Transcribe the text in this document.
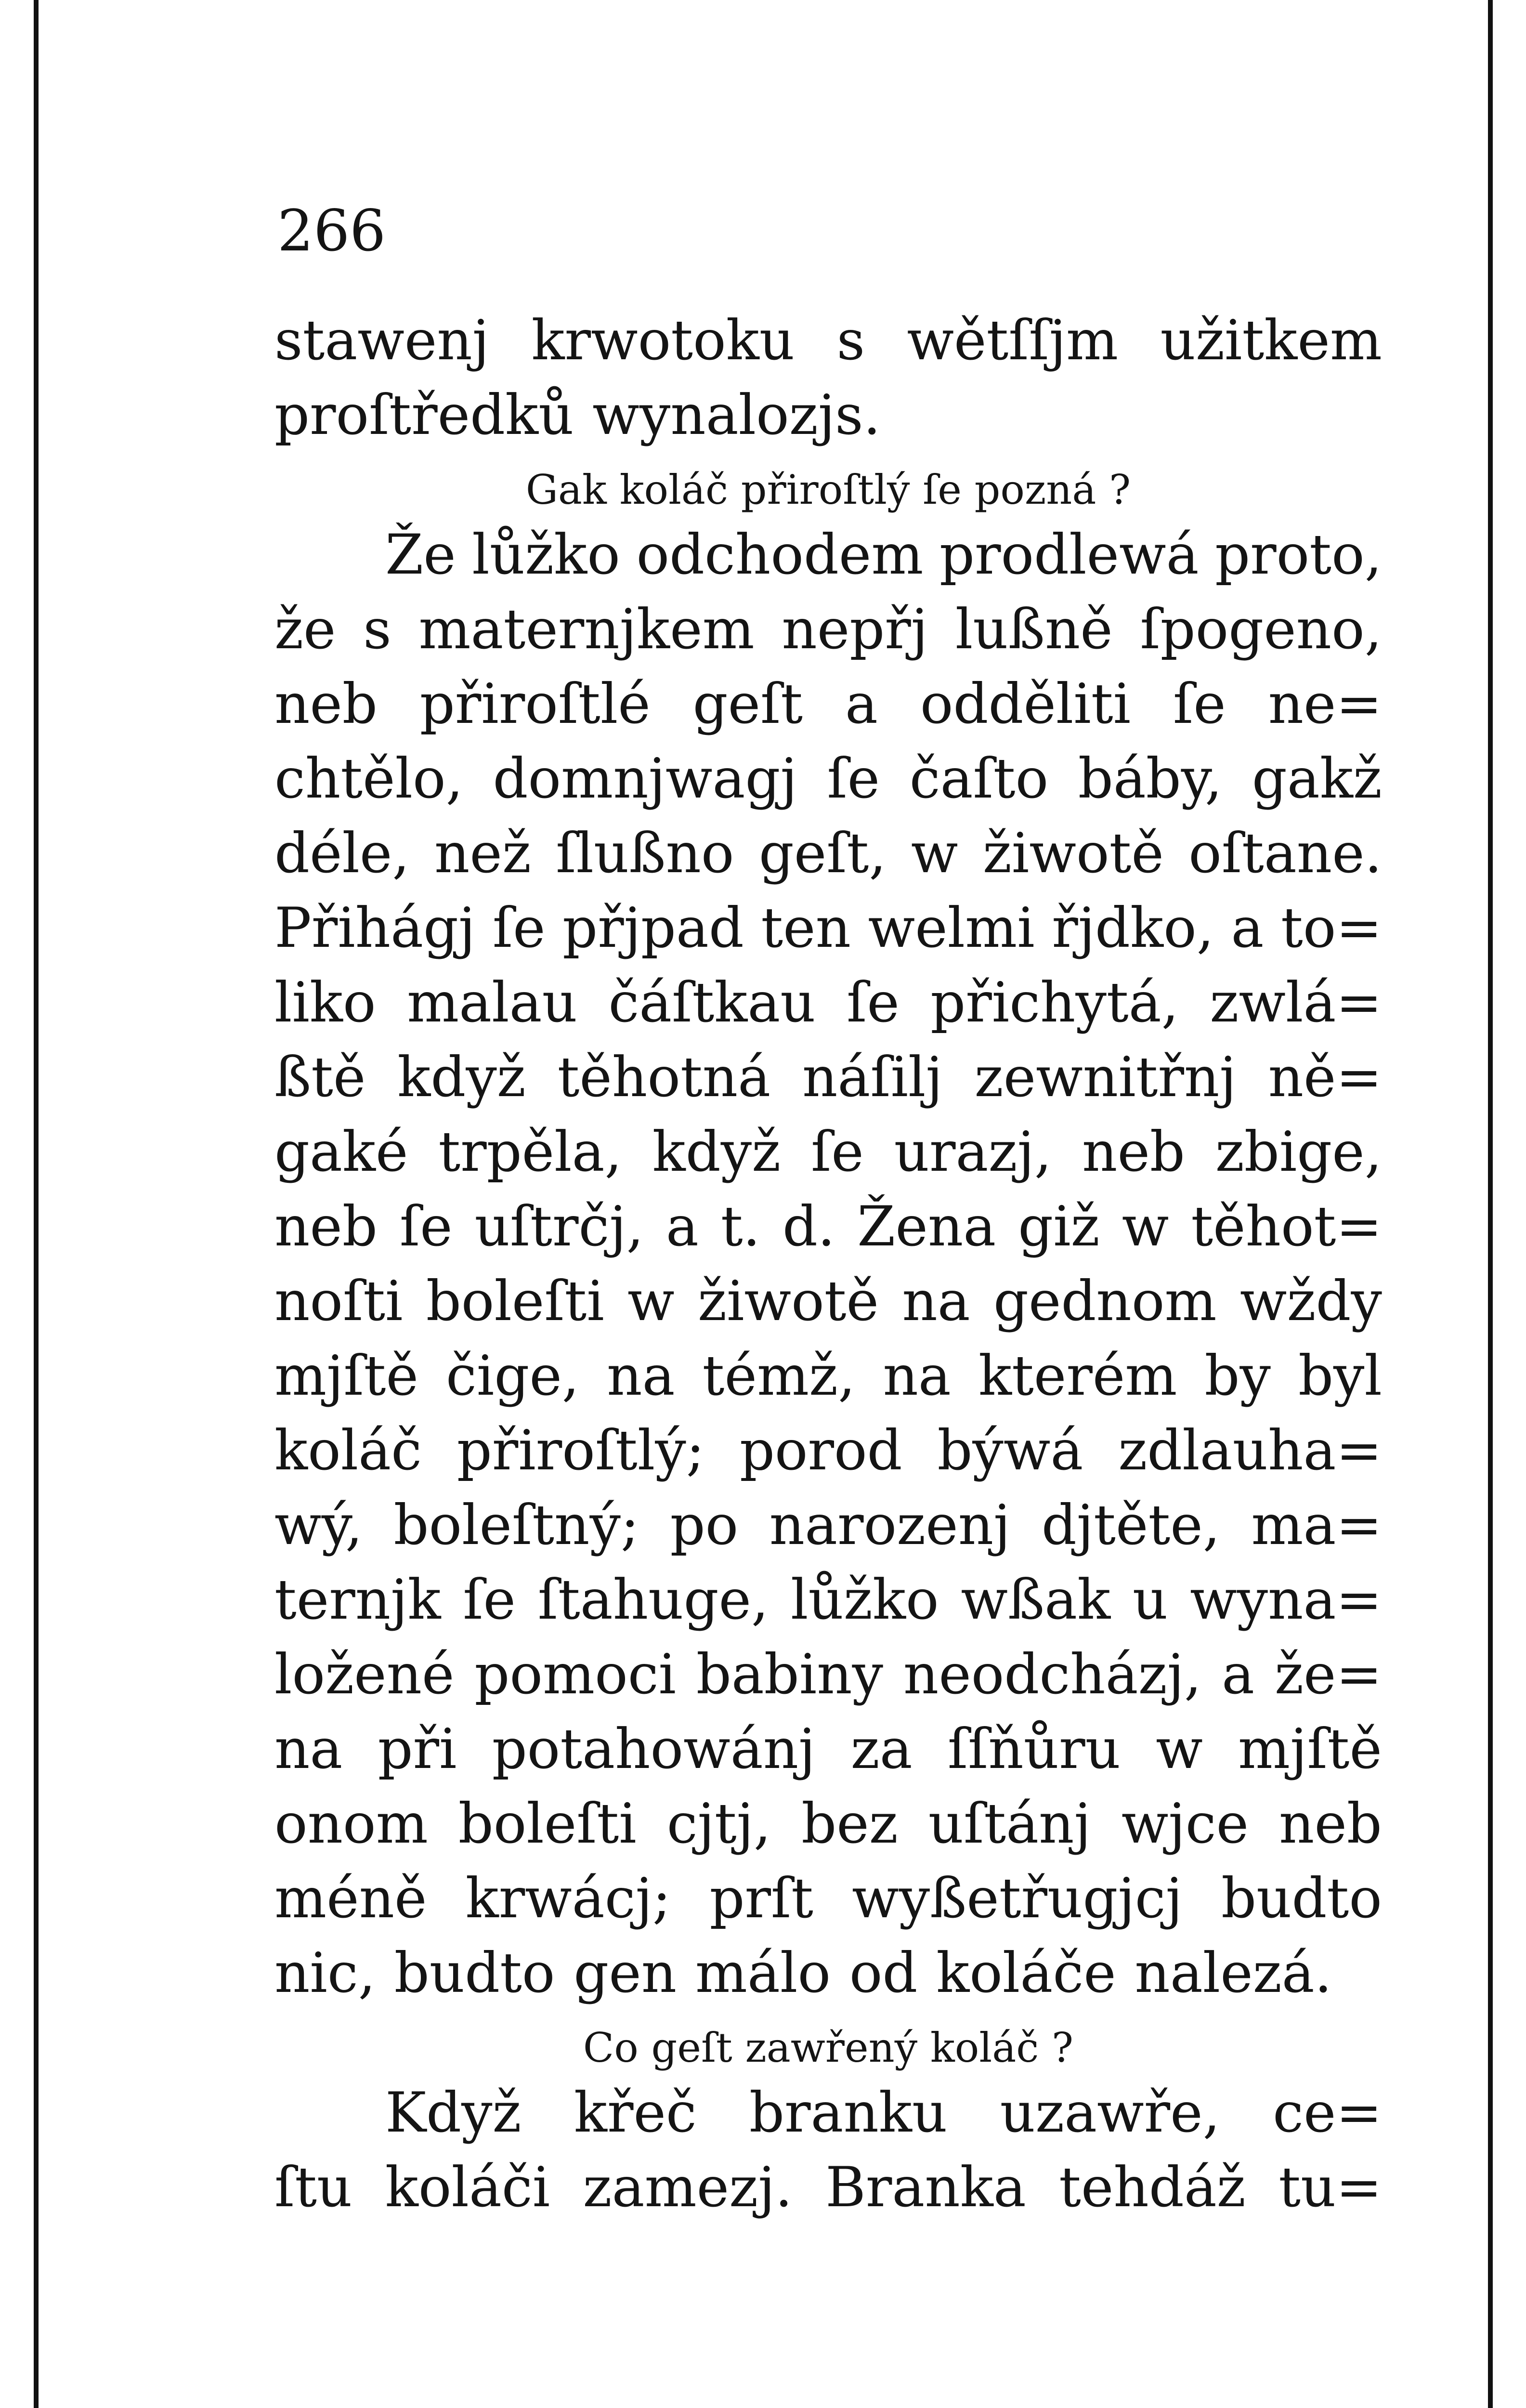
266
stawenj krwotoku s wětſſjm užitkem
proſtředků wynalozjs.
Gak koláč přiroſtlý ſe pozná ?
Že lůžko odchodem prodlewá proto,
že s maternjkem nepřj lußně ſpogeno,
neb přiroſtlé geſt a odděliti ſe ne=
chtělo, domnjwagj ſe čaſto báby, gakž
déle, než ſlußno geſt, w žiwotě oſtane.
Přihágj ſe přjpad ten welmi řjdko, a to=
liko malau čáſtkau ſe přichytá, zwlá=
ßtě když těhotná náſilj zewnitřnj ně=
gaké trpěla, když ſe urazj, neb zbige,
neb ſe uſtrčj, a t. d. Žena giž w těhot=
noſti boleſti w žiwotě na gednom wždy
mjſtě čige, na témž, na kterém by byl
koláč přiroſtlý; porod býwá zdlauha=
wý, boleſtný; po narozenj djtěte, ma=
ternjk ſe ſtahuge, lůžko wßak u wyna=
ložené pomoci babiny neodcházj, a že=
na při potahowánj za ſſňůru w mjſtě
onom boleſti cjtj, bez uſtánj wjce neb
méně krwácj; prſt wyßetřugjcj budto
nic, budto gen málo od koláče nalezá.
Co geſt zawřený koláč ?
Když křeč branku uzawře, ce=
ſtu koláči zamezj. Branka tehdáž tu=
